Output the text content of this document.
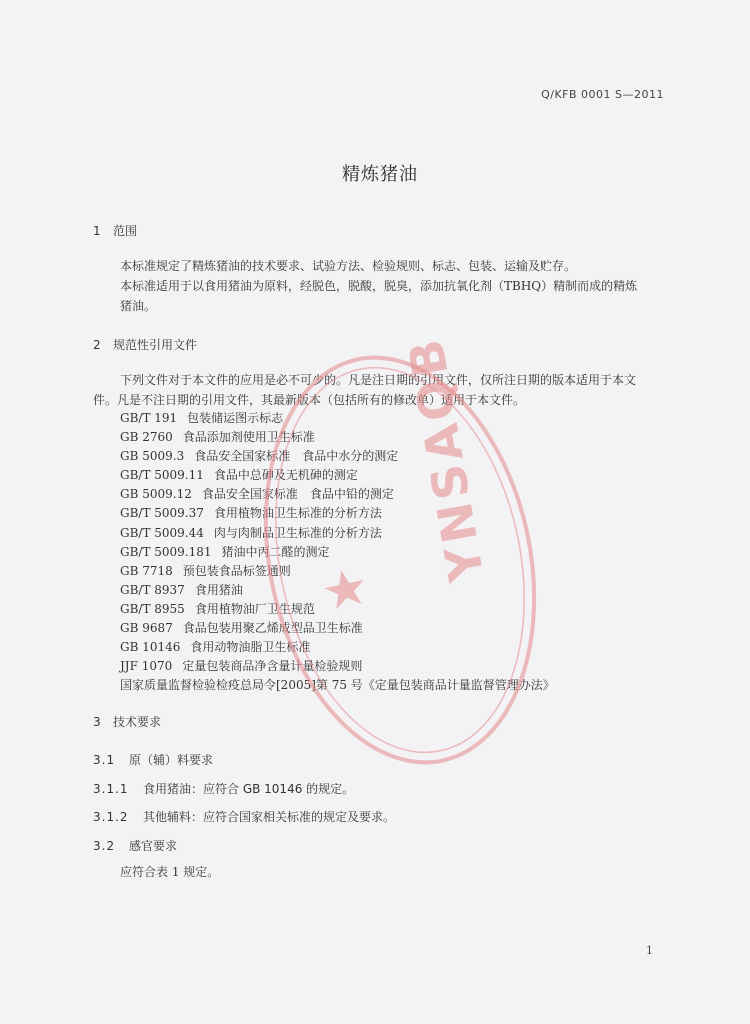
Q/KFB 0001 S—2011
精炼猪油
1 范围
本标准规定了精炼猪油的技术要求、试验方法、检验规则、标志、包装、运输及贮存。
本标准适用于以食用猪油为原料，经脱色，脱酸，脱臭，添加抗氧化剂（TBHQ）精制而成的精炼
猪油。
2 规范性引用文件
下列文件对于本文件的应用是必不可少的。凡是注日期的引用文件，仅所注日期的版本适用于本文
件。凡是不注日期的引用文件，其最新版本（包括所有的修改单）适用于本文件。
GB/T 191 包装储运图示标志
GB 2760 食品添加剂使用卫生标准
GB 5009.3 食品安全国家标准　食品中水分的测定
GB/T 5009.11 食品中总砷及无机砷的测定
GB 5009.12 食品安全国家标准　食品中铅的测定
GB/T 5009.37 食用植物油卫生标准的分析方法
GB/T 5009.44 肉与肉制品卫生标准的分析方法
GB/T 5009.181 猪油中丙二醛的测定
GB 7718 预包装食品标签通则
GB/T 8937 食用猪油
GB/T 8955 食用植物油厂卫生规范
GB 9687 食品包装用聚乙烯成型品卫生标准
GB 10146 食用动物油脂卫生标准
JJF 1070 定量包装商品净含量计量检验规则
国家质量监督检验检疫总局令[2005]第 75 号《定量包装商品计量监督管理办法》
3 技术要求
3.1 原（辅）料要求
3.1.1 食用猪油：应符合 GB 10146 的规定。
3.1.2 其他辅料：应符合国家相关标准的规定及要求。
3.2 感官要求
应符合表 1 规定。
YNSAQB
1
